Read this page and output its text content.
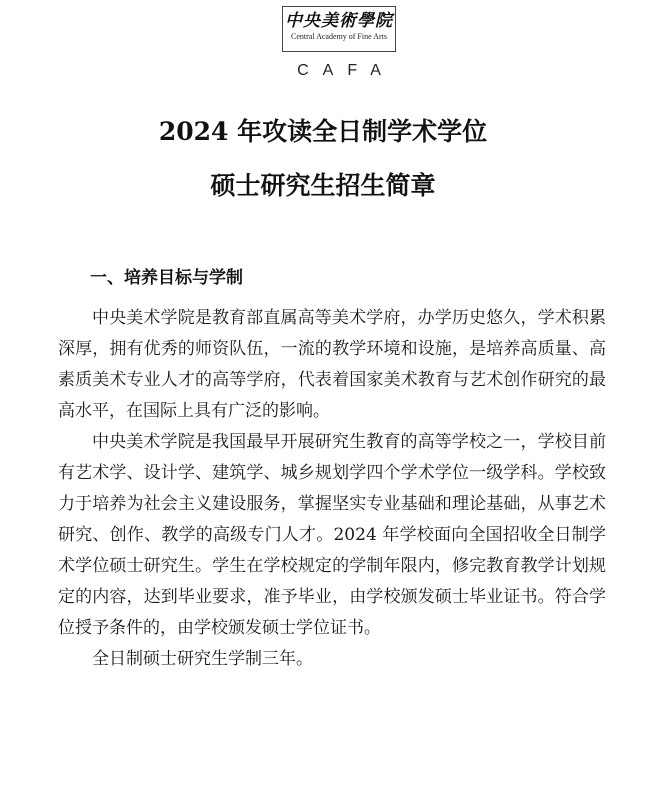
中央美術學院
Central Academy of Fine Arts
CAFA
2024 年攻读全日制学术学位
硕士研究生招生简章
一、培养目标与学制

中央美术学院是教育部直属高等美术学府，办学历史悠久，学术积累深厚，拥有优秀的师资队伍，一流的教学环境和设施，是培养高质量、高素质美术专业人才的高等学府，代表着国家美术教育与艺术创作研究的最高水平，在国际上具有广泛的影响。

中央美术学院是我国最早开展研究生教育的高等学校之一，学校目前有艺术学、设计学、建筑学、城乡规划学四个学术学位一级学科。学校致力于培养为社会主义建设服务，掌握坚实专业基础和理论基础，从事艺术研究、创作、教学的高级专门人才。2024 年学校面向全国招收全日制学术学位硕士研究生。学生在学校规定的学制年限内，修完教育教学计划规定的内容，达到毕业要求，准予毕业，由学校颁发硕士毕业证书。符合学位授予条件的，由学校颁发硕士学位证书。

全日制硕士研究生学制三年。
